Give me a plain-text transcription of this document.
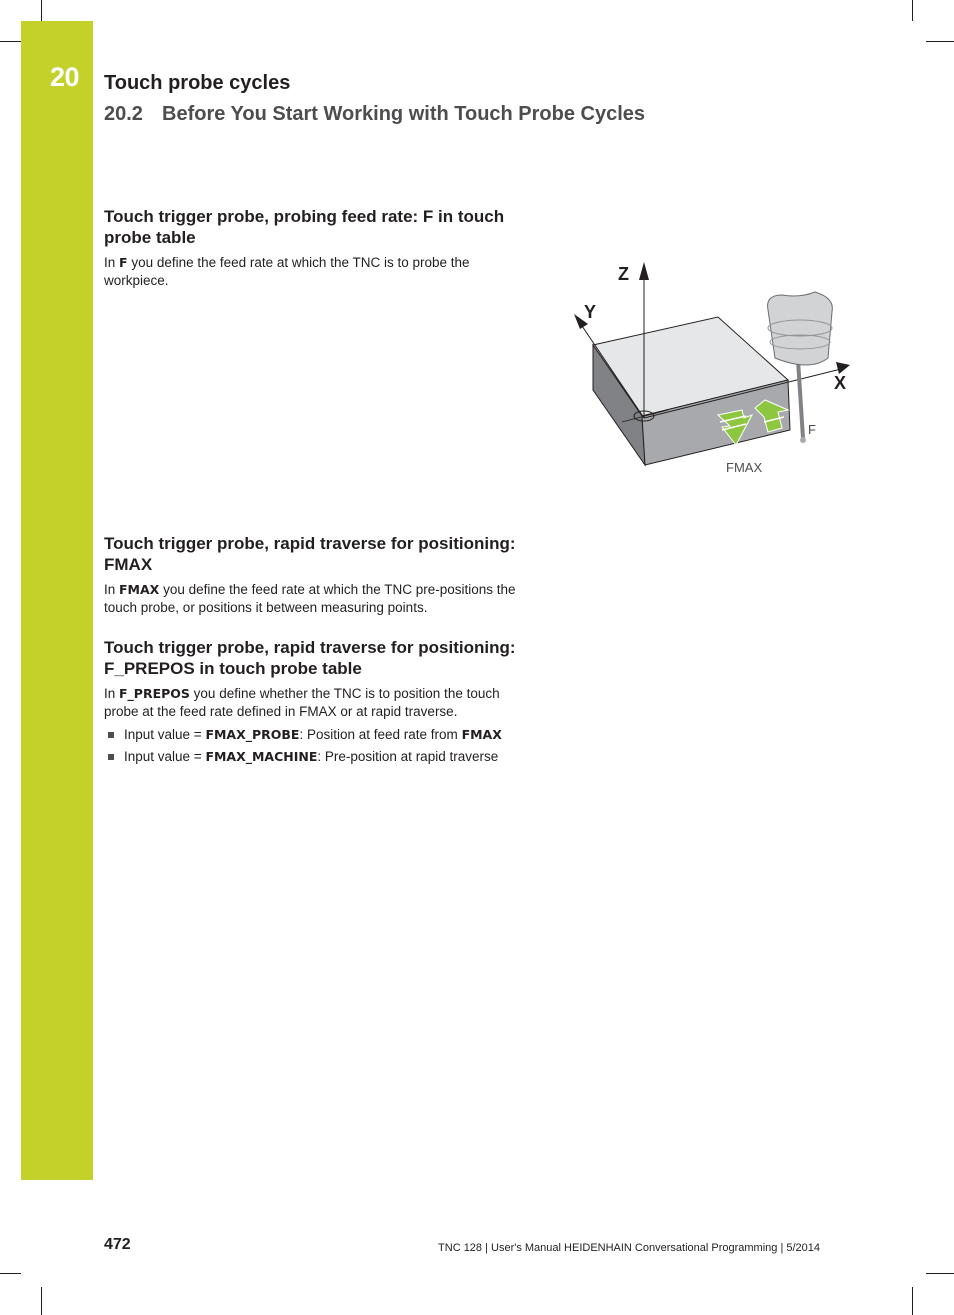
20 Touch probe cycles
20.2 Before You Start Working with Touch Probe Cycles
Touch trigger probe, probing feed rate: F in touch probe table

In F you define the feed rate at which the TNC is to probe the workpiece.	Z
Y
X
F
FMAX
Touch trigger probe, rapid traverse for positioning: FMAX

In FMAX you define the feed rate at which the TNC pre-positions the touch probe, or positions it between measuring points.

Touch trigger probe, rapid traverse for positioning: F_PREPOS in touch probe table

In F_PREPOS you define whether the TNC is to position the touch probe at the feed rate defined in FMAX or at rapid traverse.

Input value = FMAX_PROBE: Position at feed rate from FMAX
Input value = FMAX_MACHINE: Pre-position at rapid traverse
472	TNC 128 | User's Manual HEIDENHAIN Conversational Programming | 5/2014
